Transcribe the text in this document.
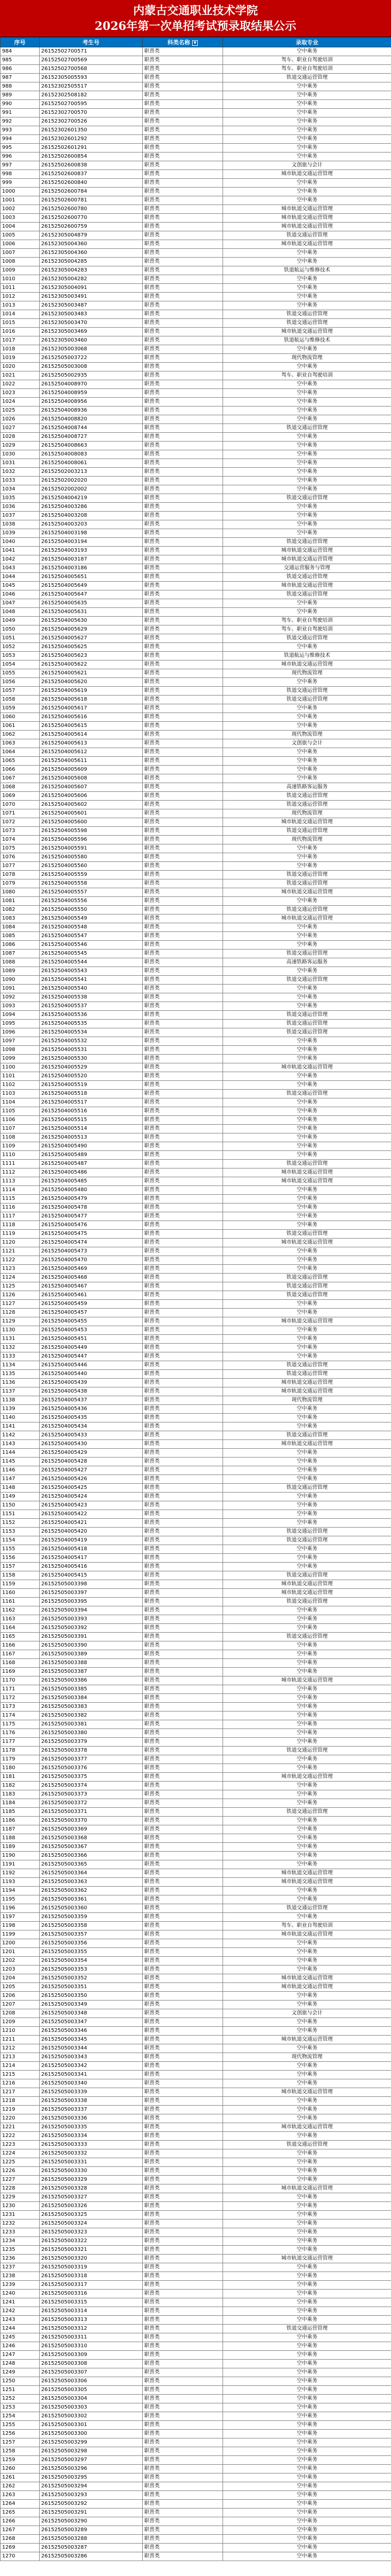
内蒙古交通职业技术学院
2026年第一次单招考试预录取结果公示
序号	考生号	科类名称 ▼	录取专业
984	26152502700571	职普类	空中乘务
985	26152502700569	职普类	驾车、职业自驾驶培训
986	26152502700568	职普类	驾车、职业自驾驶培训
987	26152305005593	职普类	铁道交通运营管理
988	26152302505517	职普类	空中乘务
989	26152302508182	职普类	空中乘务
990	26152502700595	职普类	空中乘务
991	26152302700570	职普类	空中乘务
992	26152302700526	职普类	空中乘务
993	26152302601350	职普类	空中乘务
994	26152302601292	职普类	空中乘务
995	26152502601291	职普类	空中乘务
996	26152502600854	职普类	空中乘务
997	26152502600838	职普类	文创旅与会计
998	26152502600837	职普类	城市轨道交通运营管理
999	26152502600840	职普类	空中乘务
1000	26152502600784	职普类	空中乘务
1001	26152502600781	职普类	空中乘务
1002	26152502600780	职普类	城市轨道交通运营管理
1003	26152502600770	职普类	城市轨道交通运营管理
1004	26152502600759	职普类	城市轨道交通运营管理
1005	26152305004879	职普类	铁道交通运营管理
1006	26152305004360	职普类	城市轨道交通运营管理
1007	26152305004360	职普类	空中乘务
1008	26152305004285	职普类	空中乘务
1009	26152305004283	职普类	铁道航运与维修技术
1010	26152305004282	职普类	空中乘务
1011	26152305004091	职普类	空中乘务
1012	26152305003491	职普类	空中乘务
1013	26152305003487	职普类	空中乘务
1014	26152305003483	职普类	铁道交通运营管理
1015	26152305003470	职普类	铁道交通运营管理
1016	26152305003469	职普类	城市轨道交通运营管理
1017	26152305003460	职普类	铁道航运与维修技术
1018	26152305003068	职普类	空中乘务
1019	26152505003722	职普类	现代物流管理
1020	26152505003008	职普类	空中乘务
1021	26152505002935	职普类	驾车、职业自驾驶培训
1022	26152504008970	职普类	空中乘务
1023	26152504008959	职普类	空中乘务
1024	26152504008956	职普类	空中乘务
1025	26152504008936	职普类	空中乘务
1026	26152504008820	职普类	空中乘务
1027	26152504008744	职普类	铁道交通运营管理
1028	26152504008727	职普类	空中乘务
1029	26152504008663	职普类	空中乘务
1030	26152504008083	职普类	空中乘务
1031	26152504008061	职普类	空中乘务
1032	26152502003213	职普类	空中乘务
1033	26152502002020	职普类	空中乘务
1034	26152502002002	职普类	空中乘务
1035	26152504004219	职普类	铁道交通运营管理
1036	26152504003286	职普类	空中乘务
1037	26152504003208	职普类	空中乘务
1038	26152504003203	职普类	空中乘务
1039	26152504003198	职普类	空中乘务
1040	26152504003194	职普类	铁道交通运营管理
1041	26152504003193	职普类	城市轨道交通运营管理
1042	26152504003187	职普类	城市轨道交通运营管理
1043	26152504003186	职普类	交通运营服务与管理
1044	26152504005651	职普类	铁道交通运营管理
1045	26152504005649	职普类	城市轨道交通运营管理
1046	26152504005647	职普类	铁道交通运营管理
1047	26152504005635	职普类	空中乘务
1048	26152504005631	职普类	空中乘务
1049	26152504005630	职普类	驾车、职业自驾驶培训
1050	26152504005629	职普类	驾车、职业自驾驶培训
1051	26152504005627	职普类	铁道交通运营管理
1052	26152504005625	职普类	空中乘务
1053	26152504005623	职普类	铁道航运与维修技术
1054	26152504005622	职普类	城市轨道交通运营管理
1055	26152504005621	职普类	现代物流管理
1056	26152504005620	职普类	空中乘务
1057	26152504005619	职普类	铁道交通运营管理
1058	26152504005618	职普类	铁道交通运营管理
1059	26152504005617	职普类	空中乘务
1060	26152504005616	职普类	空中乘务
1061	26152504005615	职普类	空中乘务
1062	26152504005614	职普类	现代物流管理
1063	26152504005613	职普类	文创旅与会计
1064	26152504005612	职普类	空中乘务
1065	26152504005611	职普类	空中乘务
1066	26152504005609	职普类	空中乘务
1067	26152504005608	职普类	空中乘务
1068	26152504005607	职普类	高速铁路客运服务
1069	26152504005606	职普类	铁道交通运营管理
1070	26152504005602	职普类	铁道交通运营管理
1071	26152504005601	职普类	现代物流管理
1072	26152504005600	职普类	城市轨道交通运营管理
1073	26152504005598	职普类	铁道交通运营管理
1074	26152504005596	职普类	现代物流管理
1075	26152504005591	职普类	空中乘务
1076	26152504005580	职普类	空中乘务
1077	26152504005560	职普类	空中乘务
1078	26152504005559	职普类	铁道交通运营管理
1079	26152504005558	职普类	铁道交通运营管理
1080	26152504005557	职普类	城市轨道交通运营管理
1081	26152504005556	职普类	空中乘务
1082	26152504005550	职普类	铁道交通运营管理
1083	26152504005549	职普类	城市轨道交通运营管理
1084	26152504005548	职普类	空中乘务
1085	26152504005547	职普类	空中乘务
1086	26152504005546	职普类	空中乘务
1087	26152504005545	职普类	铁道交通运营管理
1088	26152504005544	职普类	高速铁路客运服务
1089	26152504005543	职普类	空中乘务
1090	26152504005541	职普类	铁道交通运营管理
1091	26152504005540	职普类	空中乘务
1092	26152504005538	职普类	空中乘务
1093	26152504005537	职普类	空中乘务
1094	26152504005536	职普类	铁道交通运营管理
1095	26152504005535	职普类	铁道交通运营管理
1096	26152504005534	职普类	铁道交通运营管理
1097	26152504005532	职普类	空中乘务
1098	26152504005531	职普类	空中乘务
1099	26152504005530	职普类	空中乘务
1100	26152504005529	职普类	城市轨道交通运营管理
1101	26152504005520	职普类	空中乘务
1102	26152504005519	职普类	空中乘务
1103	26152504005518	职普类	铁道交通运营管理
1104	26152504005517	职普类	空中乘务
1105	26152504005516	职普类	空中乘务
1106	26152504005515	职普类	空中乘务
1107	26152504005514	职普类	空中乘务
1108	26152504005513	职普类	空中乘务
1109	26152504005490	职普类	空中乘务
1110	26152504005489	职普类	空中乘务
1111	26152504005487	职普类	铁道交通运营管理
1112	26152504005486	职普类	城市轨道交通运营管理
1113	26152504005485	职普类	城市轨道交通运营管理
1114	26152504005480	职普类	空中乘务
1115	26152504005479	职普类	空中乘务
1116	26152504005478	职普类	空中乘务
1117	26152504005477	职普类	空中乘务
1118	26152504005476	职普类	空中乘务
1119	26152504005475	职普类	铁道交通运营管理
1120	26152504005474	职普类	城市轨道交通运营管理
1121	26152504005473	职普类	空中乘务
1122	26152504005470	职普类	空中乘务
1123	26152504005469	职普类	空中乘务
1124	26152504005468	职普类	铁道交通运营管理
1125	26152504005467	职普类	铁道交通运营管理
1126	26152504005461	职普类	铁道交通运营管理
1127	26152504005459	职普类	空中乘务
1128	26152504005457	职普类	空中乘务
1129	26152504005455	职普类	城市轨道交通运营管理
1130	26152504005453	职普类	空中乘务
1131	26152504005451	职普类	空中乘务
1132	26152504005449	职普类	空中乘务
1133	26152504005447	职普类	空中乘务
1134	26152504005446	职普类	铁道交通运营管理
1135	26152504005440	职普类	铁道交通运营管理
1136	26152504005439	职普类	城市轨道交通运营管理
1137	26152504005438	职普类	城市轨道交通运营管理
1138	26152504005437	职普类	现代物流管理
1139	26152504005436	职普类	空中乘务
1140	26152504005435	职普类	空中乘务
1141	26152504005434	职普类	空中乘务
1142	26152504005433	职普类	铁道交通运营管理
1143	26152504005430	职普类	城市轨道交通运营管理
1144	26152504005429	职普类	空中乘务
1145	26152504005428	职普类	空中乘务
1146	26152504005427	职普类	空中乘务
1147	26152504005426	职普类	空中乘务
1148	26152504005425	职普类	铁道交通运营管理
1149	26152504005424	职普类	空中乘务
1150	26152504005423	职普类	空中乘务
1151	26152504005422	职普类	空中乘务
1152	26152504005421	职普类	空中乘务
1153	26152504005420	职普类	铁道交通运营管理
1154	26152504005419	职普类	铁道交通运营管理
1155	26152504005418	职普类	空中乘务
1156	26152504005417	职普类	空中乘务
1157	26152504005416	职普类	空中乘务
1158	26152504005415	职普类	铁道交通运营管理
1159	26152505003398	职普类	城市轨道交通运营管理
1160	26152505003397	职普类	城市轨道交通运营管理
1161	26152505003395	职普类	铁道交通运营管理
1162	26152505003394	职普类	空中乘务
1163	26152505003393	职普类	空中乘务
1164	26152505003392	职普类	空中乘务
1165	26152505003391	职普类	铁道交通运营管理
1166	26152505003390	职普类	空中乘务
1167	26152505003389	职普类	空中乘务
1168	26152505003388	职普类	空中乘务
1169	26152505003387	职普类	空中乘务
1170	26152505003386	职普类	城市轨道交通运营管理
1171	26152505003385	职普类	空中乘务
1172	26152505003384	职普类	空中乘务
1173	26152505003383	职普类	空中乘务
1174	26152505003382	职普类	空中乘务
1175	26152505003381	职普类	空中乘务
1176	26152505003380	职普类	空中乘务
1177	26152505003379	职普类	空中乘务
1178	26152505003378	职普类	铁道交通运营管理
1179	26152505003377	职普类	空中乘务
1180	26152505003376	职普类	空中乘务
1181	26152505003375	职普类	城市轨道交通运营管理
1182	26152505003374	职普类	空中乘务
1183	26152505003373	职普类	空中乘务
1184	26152505003372	职普类	空中乘务
1185	26152505003371	职普类	铁道交通运营管理
1186	26152505003370	职普类	空中乘务
1187	26152505003369	职普类	空中乘务
1188	26152505003368	职普类	空中乘务
1189	26152505003367	职普类	空中乘务
1190	26152505003366	职普类	空中乘务
1191	26152505003365	职普类	空中乘务
1192	26152505003364	职普类	城市轨道交通运营管理
1193	26152505003363	职普类	城市轨道交通运营管理
1194	26152505003362	职普类	空中乘务
1195	26152505003361	职普类	空中乘务
1196	26152505003360	职普类	铁道交通运营管理
1197	26152505003359	职普类	空中乘务
1198	26152505003358	职普类	驾车、职业自驾驶培训
1199	26152505003357	职普类	城市轨道交通运营管理
1200	26152505003356	职普类	空中乘务
1201	26152505003355	职普类	空中乘务
1202	26152505003354	职普类	空中乘务
1203	26152505003353	职普类	空中乘务
1204	26152505003352	职普类	城市轨道交通运营管理
1205	26152505003351	职普类	城市轨道交通运营管理
1206	26152505003350	职普类	空中乘务
1207	26152505003349	职普类	空中乘务
1208	26152505003348	职普类	文创旅与会计
1209	26152505003347	职普类	空中乘务
1210	26152505003346	职普类	空中乘务
1211	26152505003345	职普类	城市轨道交通运营管理
1212	26152505003344	职普类	空中乘务
1213	26152505003343	职普类	现代物流管理
1214	26152505003342	职普类	空中乘务
1215	26152505003341	职普类	空中乘务
1216	26152505003340	职普类	空中乘务
1217	26152505003339	职普类	城市轨道交通运营管理
1218	26152505003338	职普类	空中乘务
1219	26152505003337	职普类	空中乘务
1220	26152505003336	职普类	空中乘务
1221	26152505003335	职普类	城市轨道交通运营管理
1222	26152505003334	职普类	空中乘务
1223	26152505003333	职普类	铁道交通运营管理
1224	26152505003332	职普类	空中乘务
1225	26152505003331	职普类	空中乘务
1226	26152505003330	职普类	空中乘务
1227	26152505003329	职普类	空中乘务
1228	26152505003328	职普类	城市轨道交通运营管理
1229	26152505003327	职普类	空中乘务
1230	26152505003326	职普类	空中乘务
1231	26152505003325	职普类	空中乘务
1232	26152505003324	职普类	空中乘务
1233	26152505003323	职普类	空中乘务
1234	26152505003322	职普类	空中乘务
1235	26152505003321	职普类	空中乘务
1236	26152505003320	职普类	城市轨道交通运营管理
1237	26152505003319	职普类	空中乘务
1238	26152505003318	职普类	空中乘务
1239	26152505003317	职普类	空中乘务
1240	26152505003316	职普类	空中乘务
1241	26152505003315	职普类	空中乘务
1242	26152505003314	职普类	空中乘务
1243	26152505003313	职普类	空中乘务
1244	26152505003312	职普类	铁道交通运营管理
1245	26152505003311	职普类	空中乘务
1246	26152505003310	职普类	空中乘务
1247	26152505003309	职普类	空中乘务
1248	26152505003308	职普类	空中乘务
1249	26152505003307	职普类	空中乘务
1250	26152505003306	职普类	空中乘务
1251	26152505003305	职普类	空中乘务
1252	26152505003304	职普类	空中乘务
1253	26152505003303	职普类	空中乘务
1254	26152505003302	职普类	空中乘务
1255	26152505003301	职普类	空中乘务
1256	26152505003300	职普类	空中乘务
1257	26152505003299	职普类	空中乘务
1258	26152505003298	职普类	空中乘务
1259	26152505003297	职普类	空中乘务
1260	26152505003296	职普类	空中乘务
1261	26152505003295	职普类	空中乘务
1262	26152505003294	职普类	空中乘务
1263	26152505003293	职普类	空中乘务
1264	26152505003292	职普类	空中乘务
1265	26152505003291	职普类	空中乘务
1266	26152505003290	职普类	空中乘务
1267	26152505003289	职普类	空中乘务
1268	26152505003288	职普类	空中乘务
1269	26152505003287	职普类	空中乘务
1270	26152505003286	职普类	空中乘务
